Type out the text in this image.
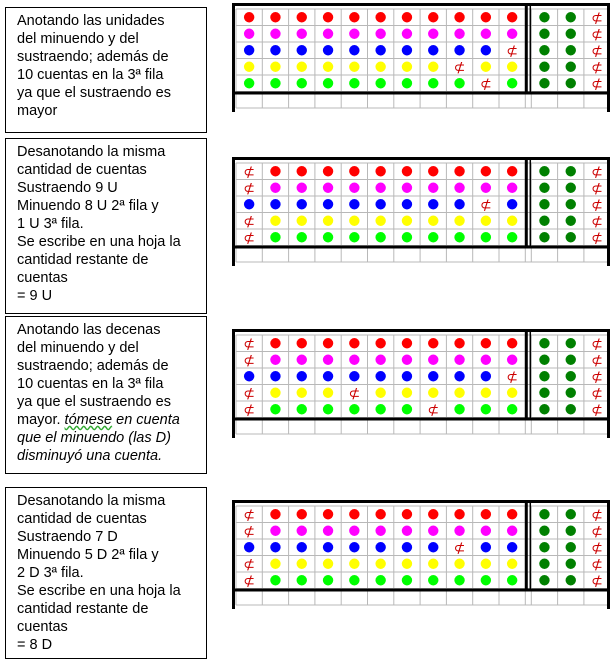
Anotando las unidades
del minuendo y del
sustraendo; además de
10 cuentas en la 3ª fila
ya que el sustraendo es
mayor
⊄
⊄
⊄	⊄
⊄	⊄
⊄	⊄
Desanotando la misma
cantidad de cuentas
Sustraendo 9 U
Minuendo 8 U 2ª fila y
1 U 3ª fila.
Se escribe en una hoja la
cantidad restante de
cuentas
= 9 U
⊄	⊄
⊄	⊄
⊄	⊄
⊄	⊄
⊄	⊄
Anotando las decenas
del minuendo y del
sustraendo; además de
10 cuentas en la 3ª fila
ya que el sustraendo es
mayor. tómese en cuenta
que el minuendo (las D)
disminuyó una cuenta.
⊄	⊄
⊄	⊄
⊄	⊄
⊄	⊄	⊄
⊄	⊄	⊄
Desanotando la misma
cantidad de cuentas
Sustraendo 7 D
Minuendo 5 D 2ª fila y
2 D 3ª fila.
Se escribe en una hoja la
cantidad restante de
cuentas
= 8 D
⊄	⊄
⊄	⊄
⊄	⊄
⊄	⊄
⊄	⊄
